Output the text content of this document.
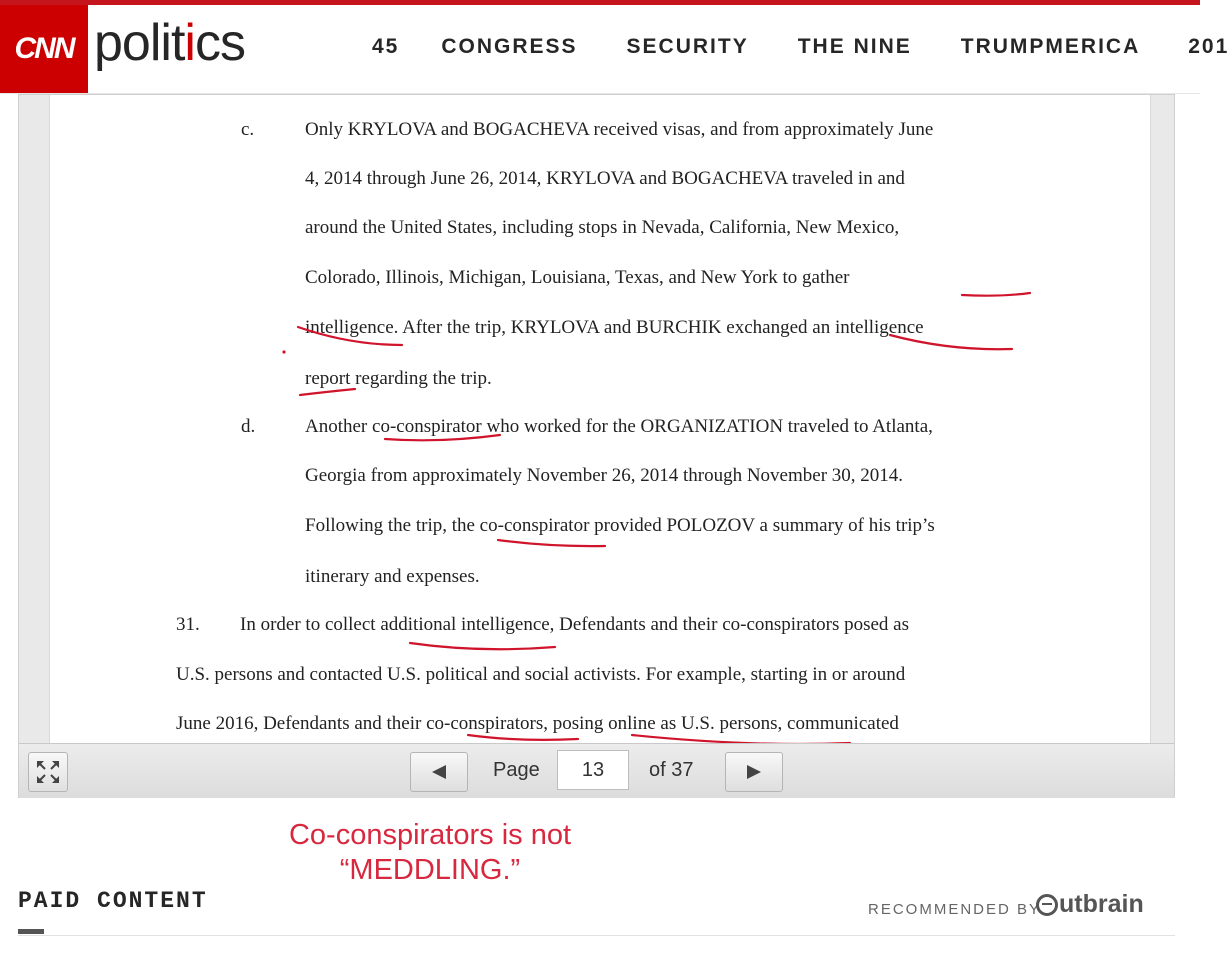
CNN politics	45 CONGRESS SECURITY THE NINE TRUMPMERICA 201
c.	Only KRYLOVA and BOGACHEVA received visas, and from approximately June
4, 2014 through June 26, 2014, KRYLOVA and BOGACHEVA traveled in and
around the United States, including stops in Nevada, California, New Mexico,
Colorado, Illinois, Michigan, Louisiana, Texas, and New York to gather
intelligence. After the trip, KRYLOVA and BURCHIK exchanged an intelligence
report regarding the trip.
d.	Another co-conspirator who worked for the ORGANIZATION traveled to Atlanta,
Georgia from approximately November 26, 2014 through November 30, 2014.
Following the trip, the co-conspirator provided POLOZOV a summary of his trip’s
itinerary and expenses.
31. In order to collect additional intelligence, Defendants and their co-conspirators posed as
U.S. persons and contacted U.S. political and social activists. For example, starting in or around
June 2016, Defendants and their co-conspirators, posing online as U.S. persons, communicated
Page	13	of 37
Co-conspirators is not
“MEDDLING.”
PAID CONTENT	RECOMMENDED BY utbrain
